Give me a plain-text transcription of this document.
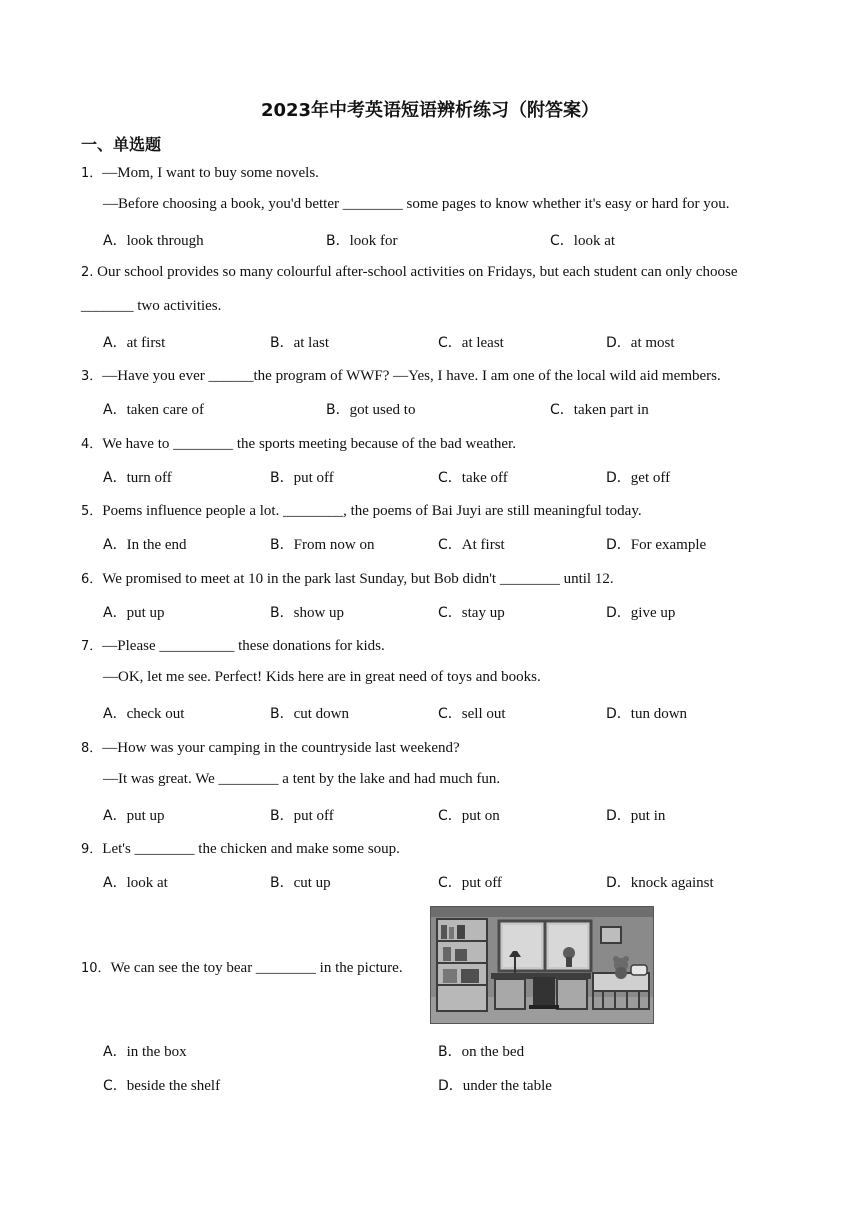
2023年中考英语短语辨析练习（附答案）
一、单选题
1．—Mom, I want to buy some novels.
—Before choosing a book, you'd better ________ some pages to know whether it's easy or hard for you.
A．look through	B．look for	C．look at
2. Our school provides so many colourful after-school activities on Fridays, but each student can only choose
_______ two activities.
A．at first	B．at last	C．at least	D．at most
3．—Have you ever ______the program of WWF? —Yes, I have. I am one of the local wild aid members.
A．taken care of	B．got used to	C．taken part in
4．We have to ________ the sports meeting because of the bad weather.
A．turn off	B．put off	C．take off	D．get off
5．Poems influence people a lot. ________, the poems of Bai Juyi are still meaningful today.
A．In the end	B．From now on	C．At first	D．For example
6．We promised to meet at 10 in the park last Sunday, but Bob didn't ________ until 12.
A．put up	B．show up	C．stay up	D．give up
7．—Please __________ these donations for kids.
—OK, let me see. Perfect! Kids here are in great need of toys and books.
A．check out	B．cut down	C．sell out	D．tun down
8．—How was your camping in the countryside last weekend?
—It was great. We ________ a tent by the lake and had much fun.
A．put up	B．put off	C．put on	D．put in
9．Let's ________ the chicken and make some soup.
A．look at	B．cut up	C．put off	D．knock against
10．We can see the toy bear ________ in the picture.
A．in the box	B．on the bed
C．beside the shelf	D．under the table
